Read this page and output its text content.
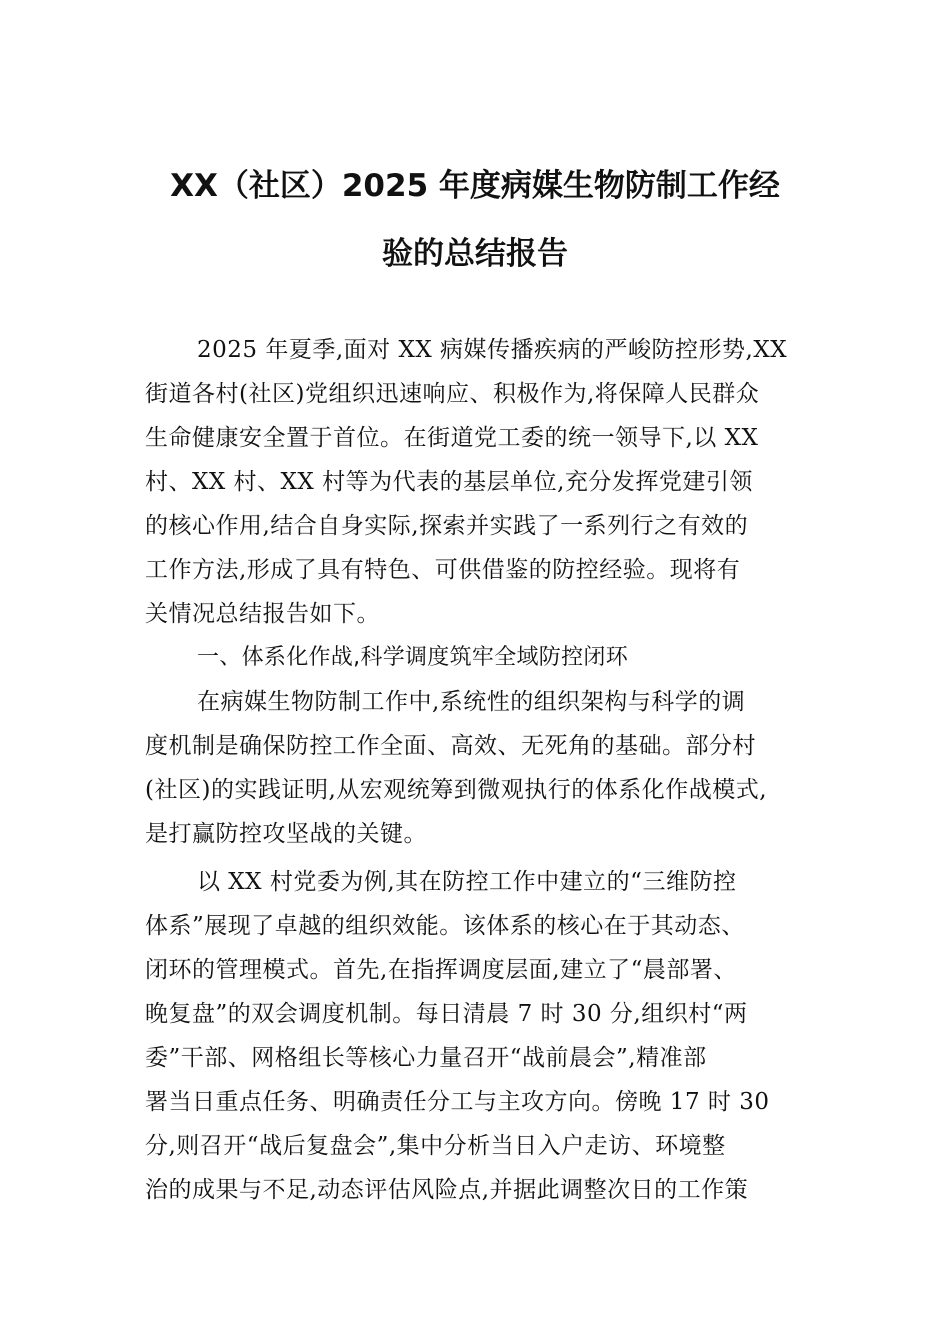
XX（社区）2025 年度病媒生物防制工作经
验的总结报告
2025 年夏季,面对 XX 病媒传播疾病的严峻防控形势,XX
街道各村(社区)党组织迅速响应、积极作为,将保障人民群众
生命健康安全置于首位。在街道党工委的统一领导下,以 XX
村、XX 村、XX 村等为代表的基层单位,充分发挥党建引领
的核心作用,结合自身实际,探索并实践了一系列行之有效的
工作方法,形成了具有特色、可供借鉴的防控经验。现将有
关情况总结报告如下。
一、体系化作战,科学调度筑牢全域防控闭环
在病媒生物防制工作中,系统性的组织架构与科学的调
度机制是确保防控工作全面、高效、无死角的基础。部分村
(社区)的实践证明,从宏观统筹到微观执行的体系化作战模式,
是打赢防控攻坚战的关键。
以 XX 村党委为例,其在防控工作中建立的“三维防控
体系”展现了卓越的组织效能。该体系的核心在于其动态、
闭环的管理模式。首先,在指挥调度层面,建立了“晨部署、
晚复盘”的双会调度机制。每日清晨 7 时 30 分,组织村“两
委”干部、网格组长等核心力量召开“战前晨会”,精准部
署当日重点任务、明确责任分工与主攻方向。傍晚 17 时 30
分,则召开“战后复盘会”,集中分析当日入户走访、环境整
治的成果与不足,动态评估风险点,并据此调整次日的工作策
